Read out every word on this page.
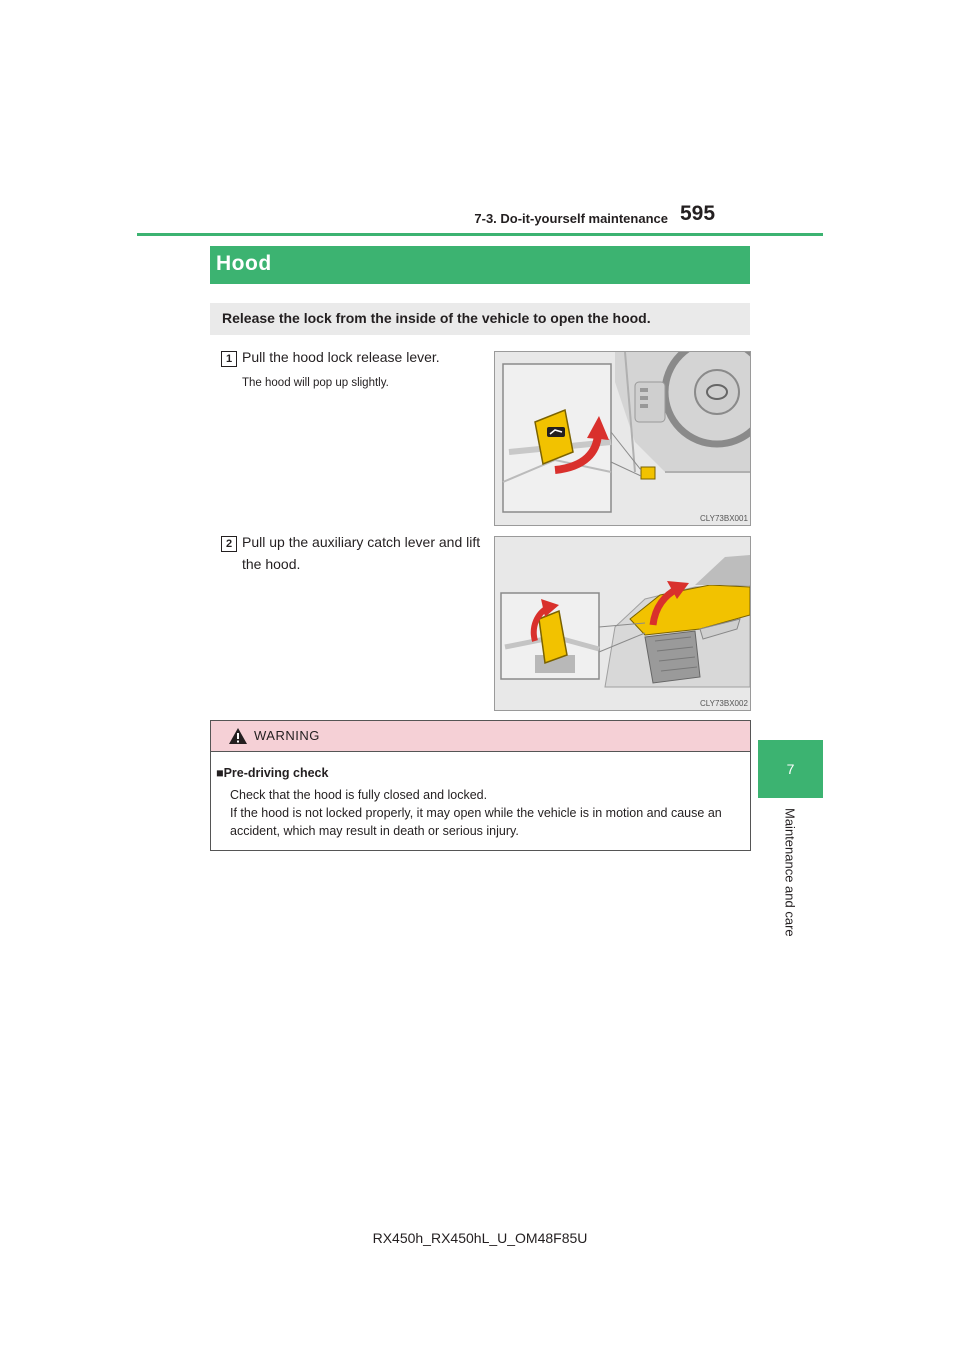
7-3. Do-it-yourself maintenance 595
7
Maintenance and care
Hood
Release the lock from the inside of the vehicle to open the hood.
1 Pull the hood lock release lever.
The hood will pop up slightly.
CLY73BX001
2 Pull up the auxiliary catch lever and lift the hood.
CLY73BX002
WARNING
■Pre-driving check
Check that the hood is fully closed and locked.
If the hood is not locked properly, it may open while the vehicle is in motion and cause an accident, which may result in death or serious injury.
RX450h_RX450hL_U_OM48F85U
